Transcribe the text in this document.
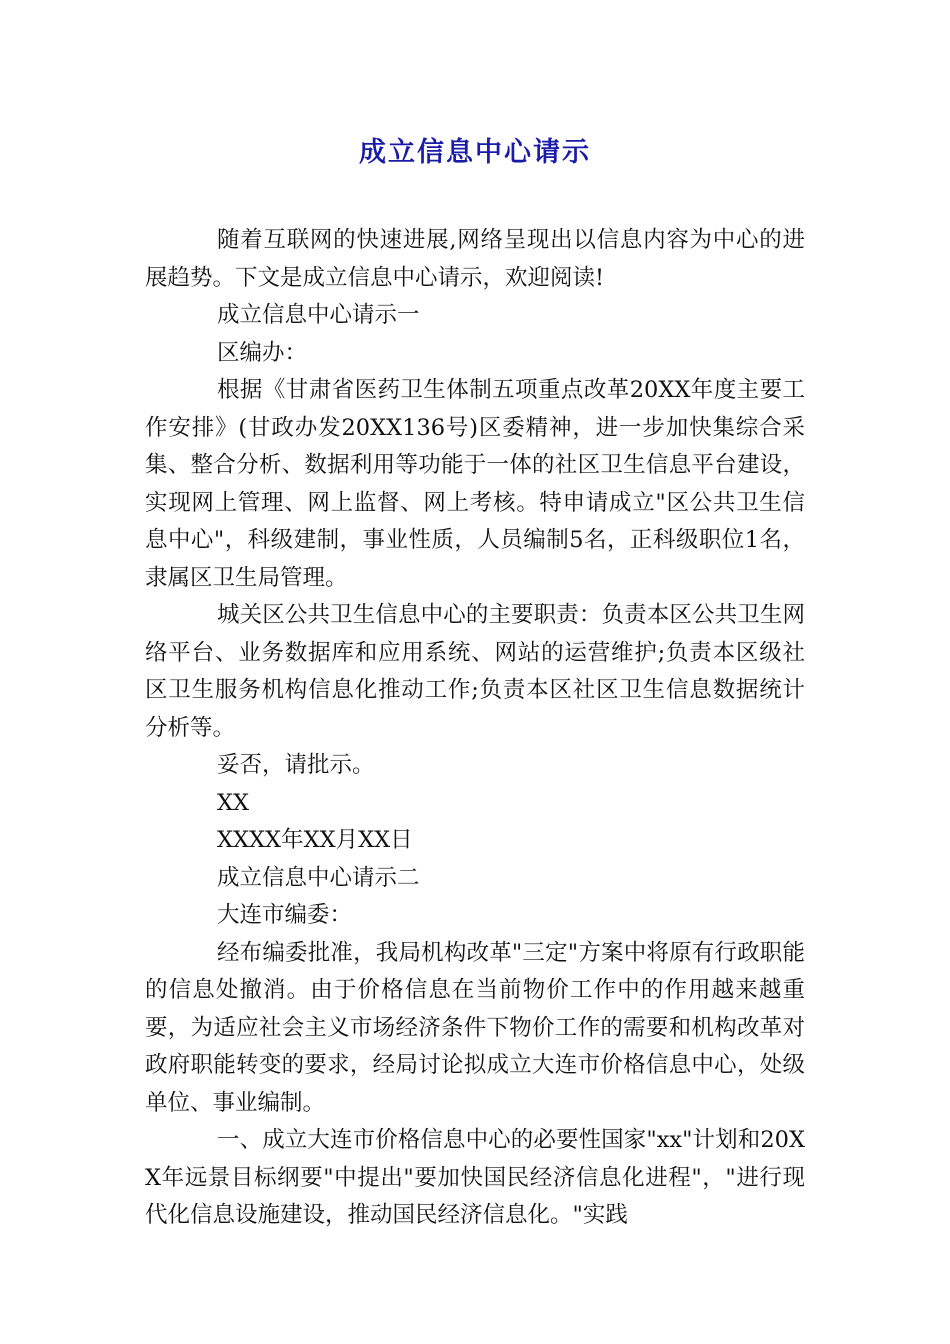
成立信息中心请示

随着互联网的快速进展,网络呈现出以信息内容为中心的进展趋势。下文是成立信息中心请示，欢迎阅读!

成立信息中心请示一

区编办：

根据《甘肃省医药卫生体制五项重点改革20XX年度主要工作安排》(甘政办发20XX136号)区委精神，进一步加快集综合采集、整合分析、数据利用等功能于一体的社区卫生信息平台建设，实现网上管理、网上监督、网上考核。特申请成立"区公共卫生信息中心"，科级建制，事业性质，人员编制5名，正科级职位1名，隶属区卫生局管理。

城关区公共卫生信息中心的主要职责：负责本区公共卫生网络平台、业务数据库和应用系统、网站的运营维护;负责本区级社区卫生服务机构信息化推动工作;负责本区社区卫生信息数据统计分析等。

妥否，请批示。

XX

XXXX年XX月XX日

成立信息中心请示二

大连市编委：

经布编委批准，我局机构改革"三定"方案中将原有行政职能的信息处撤消。由于价格信息在当前物价工作中的作用越来越重要，为适应社会主义市场经济条件下物价工作的需要和机构改革对政府职能转变的要求，经局讨论拟成立大连市价格信息中心，处级单位、事业编制。

一、成立大连市价格信息中心的必要性国家"xx"计划和20XX年远景目标纲要"中提出"要加快国民经济信息化进程"，"进行现代化信息设施建设，推动国民经济信息化。"实践
